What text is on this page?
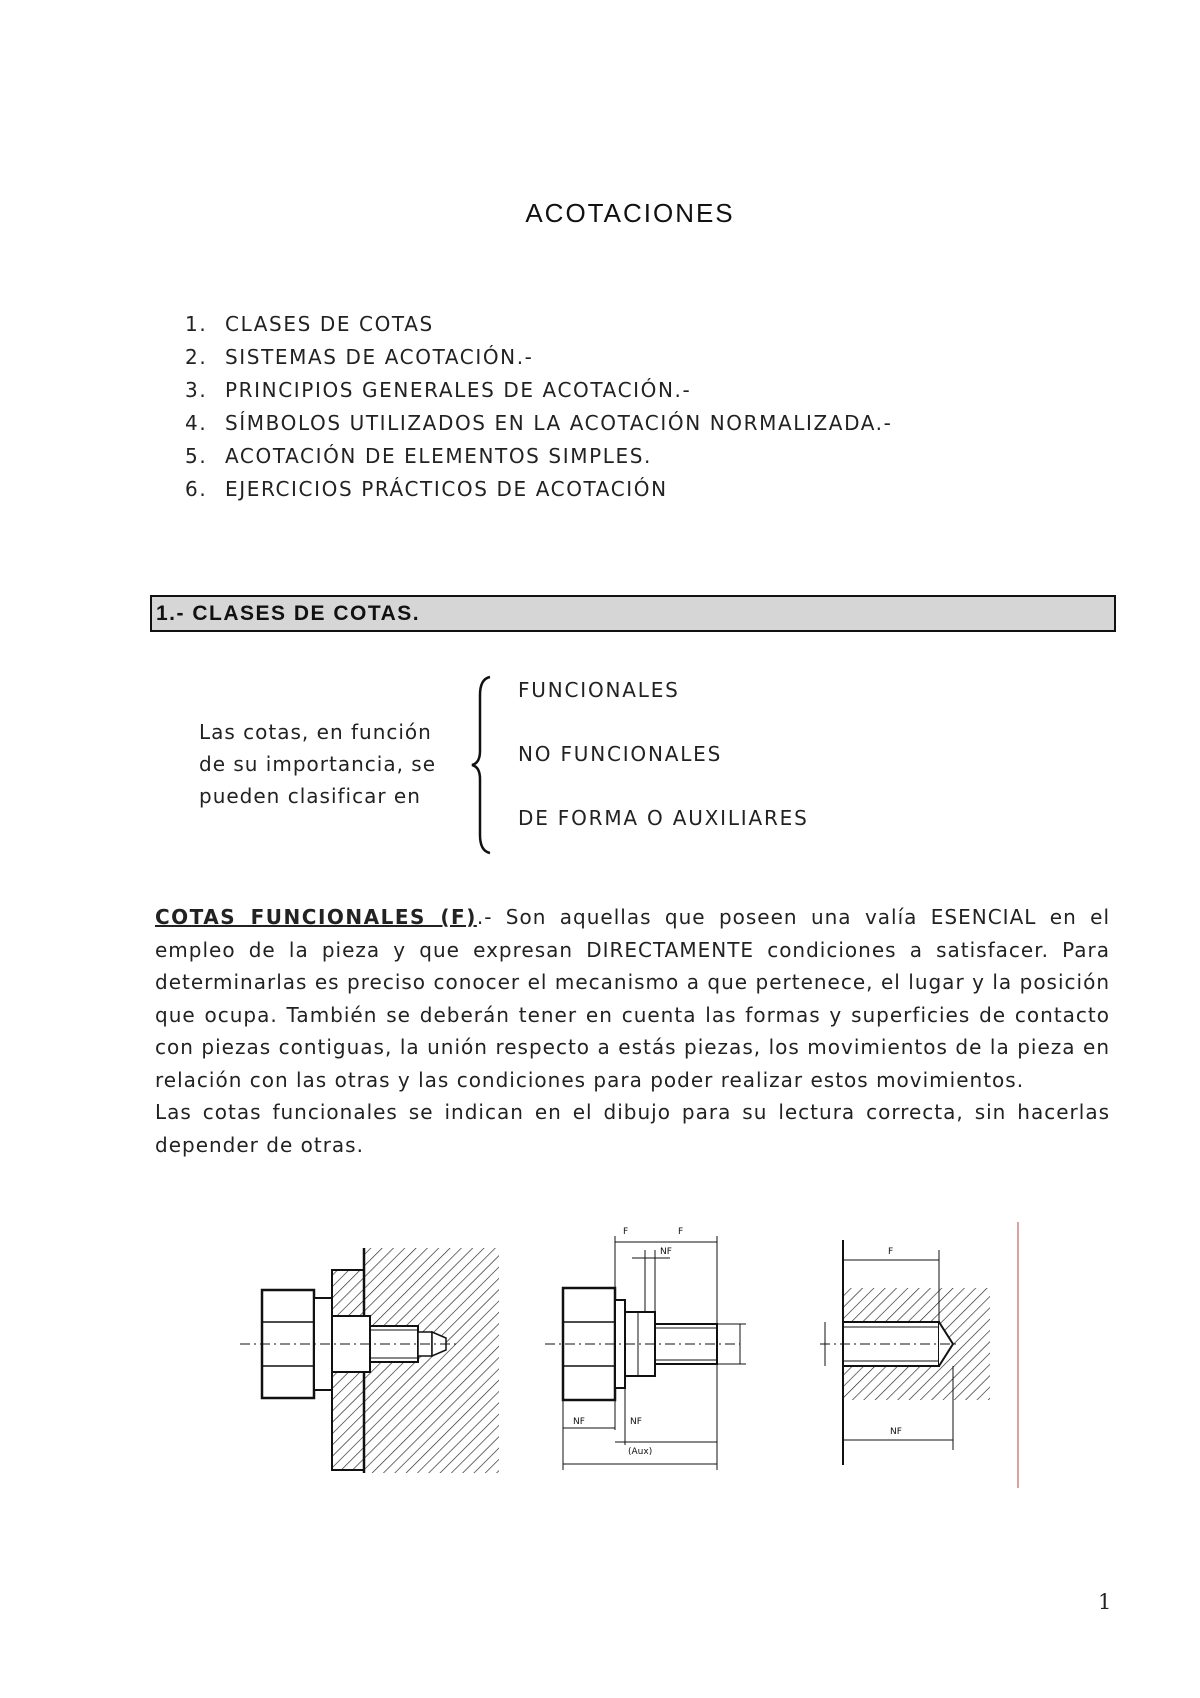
ACOTACIONES
1. CLASES DE COTAS
2. SISTEMAS DE ACOTACIÓN.-
3. PRINCIPIOS GENERALES DE ACOTACIÓN.-
4. SÍMBOLOS UTILIZADOS EN LA ACOTACIÓN NORMALIZADA.-
5. ACOTACIÓN DE ELEMENTOS SIMPLES.
6. EJERCICIOS PRÁCTICOS DE ACOTACIÓN
1.- CLASES DE COTAS.
Las cotas, en función
de su importancia, se
pueden clasificar en
FUNCIONALES
NO FUNCIONALES
DE FORMA O AUXILIARES

COTAS FUNCIONALES (F).- Son aquellas que poseen una valía ESENCIAL en el empleo de la pieza y que expresan DIRECTAMENTE condiciones a satisfacer. Para determinarlas es preciso conocer el mecanismo a que pertenece, el lugar y la posición que ocupa. También se deberán tener en cuenta las formas y superficies de contacto con piezas contiguas, la unión respecto a estás piezas, los movimientos de la pieza en relación con las otras y las condiciones para poder realizar estos movimientos.

Las cotas funcionales se indican en el dibujo para su lectura correcta, sin hacerlas depender de otras.

F	F
NF
NF	NF
(Aux)
F
NF
1
